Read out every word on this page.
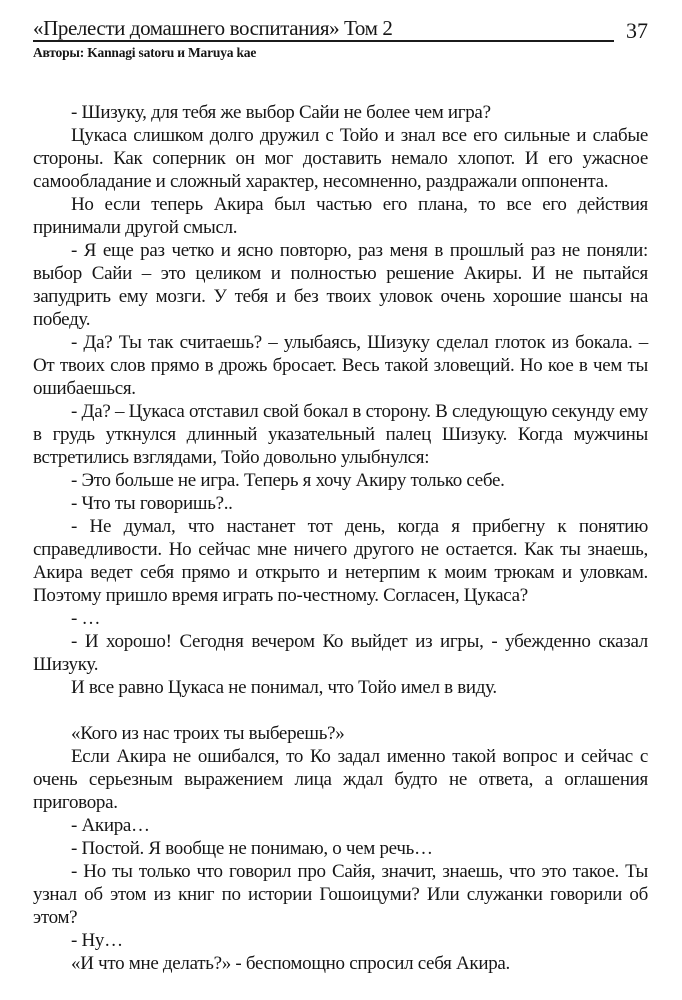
«Прелести домашнего воспитания» Том 2	37
Авторы: Kannagi satoru и Maruya kae

- Шизуку, для тебя же выбор Сайи не более чем игра?

Цукаса слишком долго дружил с Тойо и знал все его сильные и слабые стороны. Как соперник он мог доставить немало хлопот. И его ужасное самообладание и сложный характер, несомненно, раздражали оппонента.

Но если теперь Акира был частью его плана, то все его действия принимали другой смысл.

- Я еще раз четко и ясно повторю, раз меня в прошлый раз не поняли: выбор Сайи – это целиком и полностью решение Акиры. И не пытайся запудрить ему мозги. У тебя и без твоих уловок очень хорошие шансы на победу.

- Да? Ты так считаешь? – улыбаясь, Шизуку сделал глоток из бокала. – От твоих слов прямо в дрожь бросает. Весь такой зловещий. Но кое в чем ты ошибаешься.

- Да? – Цукаса отставил свой бокал в сторону. В следующую секунду ему в грудь уткнулся длинный указательный палец Шизуку. Когда мужчины встретились взглядами, Тойо довольно улыбнулся:

- Это больше не игра. Теперь я хочу Акиру только себе.

- Что ты говоришь?..

- Не думал, что настанет тот день, когда я прибегну к понятию справедливости. Но сейчас мне ничего другого не остается. Как ты знаешь, Акира ведет себя прямо и открыто и нетерпим к моим трюкам и уловкам. Поэтому пришло время играть по-честному. Согласен, Цукаса?

- …

- И хорошо! Сегодня вечером Ко выйдет из игры, - убежденно сказал Шизуку.

И все равно Цукаса не понимал, что Тойо имел в виду.

«Кого из нас троих ты выберешь?»

Если Акира не ошибался, то Ко задал именно такой вопрос и сейчас с очень серьезным выражением лица ждал будто не ответа, а оглашения приговора.

- Акира…

- Постой. Я вообще не понимаю, о чем речь…

- Но ты только что говорил про Сайя, значит, знаешь, что это такое. Ты узнал об этом из книг по истории Гошоицуми? Или служанки говорили об этом?

- Ну…

«И что мне делать?» - беспомощно спросил себя Акира.
